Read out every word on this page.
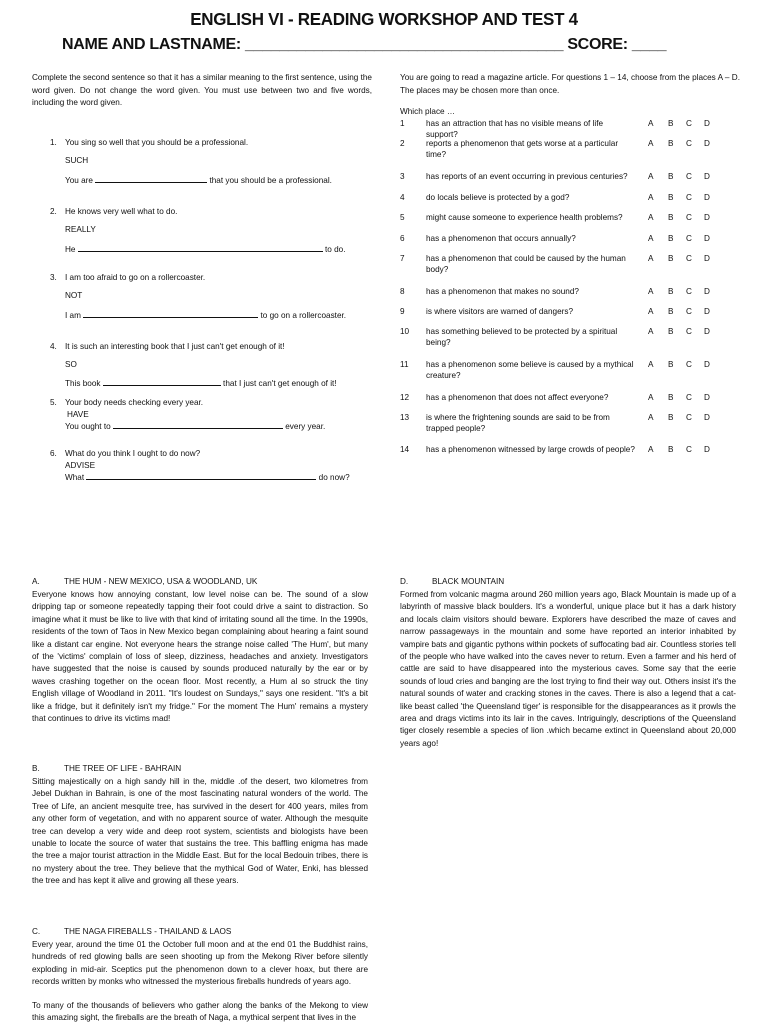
ENGLISH VI - READING WORKSHOP AND TEST 4
NAME AND LASTNAME: _____________________________________ SCORE: ____
Complete the second sentence so that it has a similar meaning to the first sentence, using the word given. Do not change the word given. You must use between two and five words, including the word given.
1. You sing so well that you should be a professional.
SUCH
You are	that you should be a professional.
2. He knows very well what to do.
REALLY
He	to do.
3. I am too afraid to go on a rollercoaster.
NOT
I am	to go on a rollercoaster.
4. It is such an interesting book that I just can't get enough of it!
SO
This book	that I just can't get enough of it!
5. Your body needs checking every year.
HAVE
You ought to	every year.
6. What do you think I ought to do now?
ADVISE
What	do now?
You are going to read a magazine article. For questions 1 – 14, choose from the places A – D. The places may be chosen more than once.
Which place …
1	has an attraction that has no visible means of life support?
A B C D
2	reports a phenomenon that gets worse at a particular time?
A B C D
3	has reports of an event occurring in previous centuries?	A B C D
4	do locals believe is protected by a god?	A B C D
5	might cause someone to experience health problems?	A B C D
6	has a phenomenon that occurs annually?	A B C D
7	has a phenomenon that could be caused by the human body?
A B C D
8	has a phenomenon that makes no sound?	A B C D
9	is where visitors are warned of dangers?	A B C D
10 has something believed to be protected by a spiritual being?
A B C D
11 has a phenomenon some believe is caused by a mythical creature?
A B C D
12 has a phenomenon that does not affect everyone?	A B C D
13 is where the frightening sounds are said to be from trapped people?
A B C D
14 has a phenomenon witnessed by large crowds of people? A B C D
A.	THE HUM - NEW MEXICO, USA & WOODLAND, UK
Everyone knows how annoying constant, low level noise can be. The sound of a slow dripping tap or someone repeatedly tapping their foot could drive a saint to distraction. So imagine what it must be like to live with that kind of irritating sound all the time. In the 1990s, residents of the town of Taos in New Mexico began complaining about hearing a faint sound like a distant car engine. Not everyone hears the strange noise called 'The Hum', but many of the 'victims' complain of loss of sleep, dizziness, headaches and anxiety. Investigators have suggested that the noise is caused by sounds produced naturally by the ear or by waves crashing together on the ocean floor. Most recently, a Hum al so struck the tiny English village of Woodland in 2011. "It's loudest on Sundays," says one resident. "It's a bit like a fridge, but it definitely isn't my fridge." For the moment The Hum' remains a mystery that continues to drive its victims mad!
B.	THE TREE OF LIFE - BAHRAIN
Sitting majestically on a high sandy hill in the, middle .of the desert, two kilometres from Jebel Dukhan in Bahrain, is one of the most fascinating natural wonders of the world. The Tree of Life, an ancient mesquite tree, has survived in the desert for 400 years, miles from any other form of vegetation, and with no apparent source of water. Although the mesquite tree can develop a very wide and deep root system, scientists and biologists have been unable to locate the source of water that sustains the tree. This baffling enigma has made the tree a major tourist attraction in the Middle East. But for the local Bedouin tribes, there is no mystery about the tree. They believe that the mythical God of Water, Enki, has blessed the tree and has kept it alive and growing all these years.
C.	THE NAGA FIREBALLS - THAILAND & LAOS
Every year, around the time 01 the October full moon and at the end 01 the Buddhist rains, hundreds of red glowing balls are seen shooting up from the Mekong River before silently exploding in mid-air. Sceptics put the phenomenon down to a clever hoax, but there are records written by monks who witnessed the mysterious fireballs hundreds of years ago.
To many of the thousands of believers who gather along the banks of the Mekong to view this amazing sight, the fireballs are the breath of Naga, a mythical serpent that lives in the
D.	BLACK MOUNTAIN
Formed from volcanic magma around 260 million years ago, Black Mountain is made up of a labyrinth of massive black boulders. It's a wonderful, unique place but it has a dark history and locals claim visitors should beware. Explorers have described the maze of caves and narrow passageways in the mountain and some have reported an interior inhabited by vampire bats and gigantic pythons within pockets of suffocating bad air. Countless stories tell of the people who have walked into the caves never to return. Even a farmer and his herd of cattle are said to have disappeared into the mysterious caves. Some say that the eerie sounds of loud cries and banging are the lost trying to find their way out. Others insist it's the natural sounds of water and cracking stones in the caves. There is also a legend that a cat-like beast called 'the Queensland tiger' is responsible for the disappearances as it prowls the area and drags victims into its lair in the caves. Intriguingly, descriptions of the Queensland tiger closely resemble a species of lion .which became extinct in Queensland about 20,000 years ago!
